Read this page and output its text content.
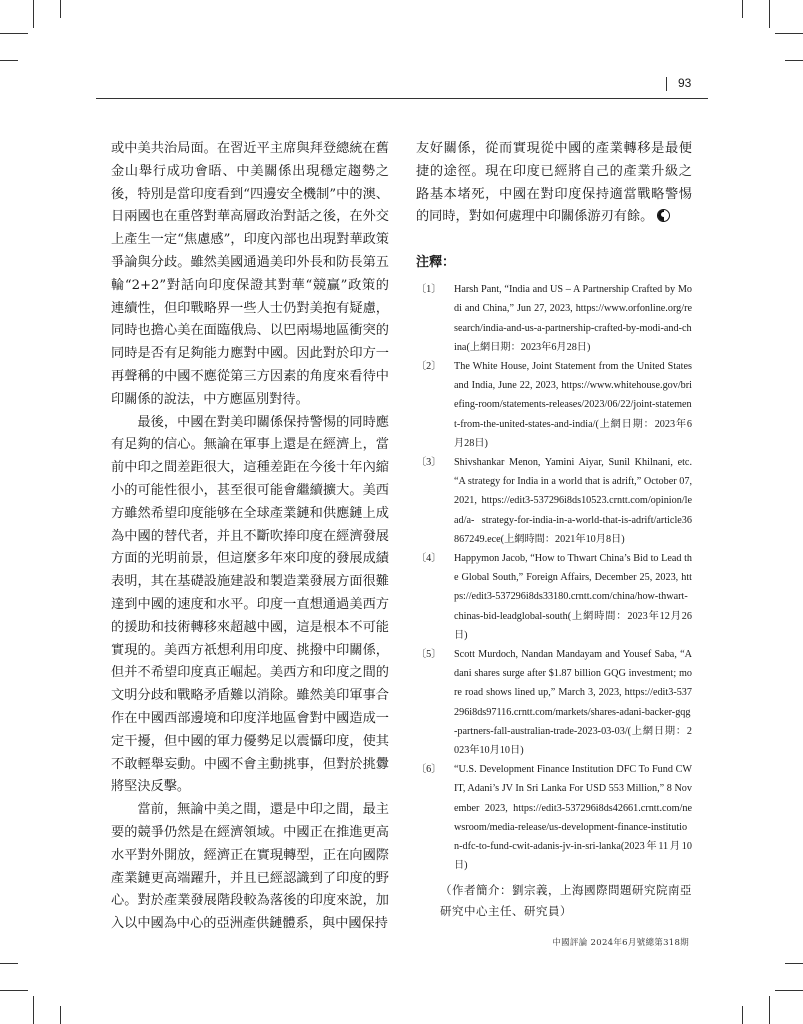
93

或中美共治局面。在習近平主席與拜登總統在舊金山舉行成功會晤、中美關係出現穩定趨勢之後，特別是當印度看到“四邊安全機制”中的澳、日兩國也在重啓對華高層政治對話之後，在外交上產生一定“焦慮感”，印度內部也出現對華政策爭論與分歧。雖然美國通過美印外長和防長第五輪“2+2”對話向印度保證其對華“競贏”政策的連續性，但印戰略界一些人士仍對美抱有疑慮，同時也擔心美在面臨俄烏、以巴兩場地區衝突的同時是否有足夠能力應對中國。因此對於印方一再聲稱的中國不應從第三方因素的角度來看待中印關係的說法，中方應區別對待。

最後，中國在對美印關係保持警惕的同時應有足夠的信心。無論在軍事上還是在經濟上，當前中印之間差距很大，這種差距在今後十年內縮小的可能性很小，甚至很可能會繼續擴大。美西方雖然希望印度能够在全球產業鏈和供應鏈上成為中國的替代者，并且不斷吹捧印度在經濟發展方面的光明前景，但這麼多年來印度的發展成績表明，其在基礎設施建設和製造業發展方面很難達到中國的速度和水平。印度一直想通過美西方的援助和技術轉移來超越中國，這是根本不可能實現的。美西方祇想利用印度、挑撥中印關係，但并不希望印度真正崛起。美西方和印度之間的文明分歧和戰略矛盾難以消除。雖然美印軍事合作在中國西部邊境和印度洋地區會對中國造成一定干擾，但中國的軍力優勢足以震懾印度，使其不敢輕舉妄動。中國不會主動挑事，但對於挑釁將堅決反擊。

當前，無論中美之間，還是中印之間，最主要的競爭仍然是在經濟領域。中國正在推進更高水平對外開放，經濟正在實現轉型，正在向國際產業鏈更高端躍升，并且已經認識到了印度的野心。對於產業發展階段較為落後的印度來說，加入以中國為中心的亞洲產供鏈體系，與中國保持

友好關係，從而實現從中國的產業轉移是最便捷的途徑。現在印度已經將自己的產業升級之路基本堵死，中國在對印度保持適當戰略警惕的同時，對如何處理中印關係游刃有餘。

注釋：
〔1〕	Harsh Pant, “India and US – A Partnership Crafted by Modi and China,” Jun 27, 2023, https://www.orfonline.org/research/india-and-us-a-partnership-crafted-by-modi-and-china(上網日期：2023年6月28日)
〔2〕	The White House, Joint Statement from the United States and India, June 22, 2023, https://www.whitehouse.gov/briefing-room/statements-releases/2023/06/22/joint-statement-from-the-united-states-and-india/(上網日期：2023年6月28日)
〔3〕	Shivshankar Menon, Yamini Aiyar, Sunil Khilnani, etc. “A strategy for India in a world that is adrift,” October 07, 2021, https://edit3-537296i8ds10523.crntt.com/opinion/lead/a- strategy-for-india-in-a-world-that-is-adrift/article36867249.ece(上網時間：2021年10月8日)
〔4〕	Happymon Jacob, “How to Thwart China’s Bid to Lead the Global South,” Foreign Affairs, December 25, 2023, https://edit3-537296i8ds33180.crntt.com/china/how-thwart-chinas-bid-leadglobal-south(上網時間：2023年12月26日)
〔5〕	Scott Murdoch, Nandan Mandayam and Yousef Saba, “Adani shares surge after $1.87 billion GQG investment; more road shows lined up,” March 3, 2023, https://edit3-537296i8ds97116.crntt.com/markets/shares-adani-backer-gqg-partners-fall-australian-trade-2023-03-03/(上網日期：2023年10月10日)
〔6〕	“U.S. Development Finance Institution DFC To Fund CWIT, Adani’s JV In Sri Lanka For USD 553 Million,” 8 November 2023, https://edit3-537296i8ds42661.crntt.com/newsroom/media-release/us-development-finance-institution-dfc-to-fund-cwit-adanis-jv-in-sri-lanka(2023年11月10日)
（作者簡介：劉宗義，上海國際問題研究院南亞研究中心主任、研究員）
中國評論 2024年6月號總第318期
